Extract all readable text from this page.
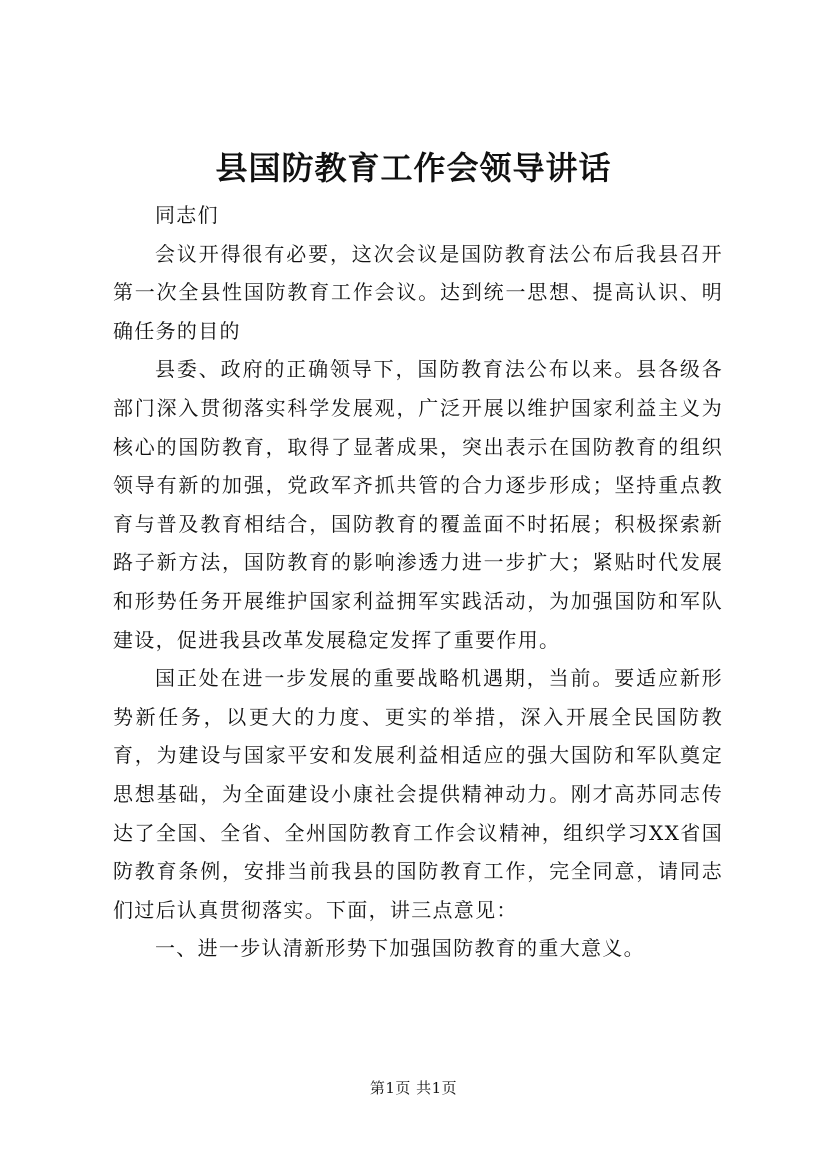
县国防教育工作会领导讲话

同志们

会议开得很有必要，这次会议是国防教育法公布后我县召开第一次全县性国防教育工作会议。达到统一思想、提高认识、明确任务的目的

县委、政府的正确领导下，国防教育法公布以来。县各级各部门深入贯彻落实科学发展观，广泛开展以维护国家利益主义为核心的国防教育，取得了显著成果，突出表示在国防教育的组织领导有新的加强，党政军齐抓共管的合力逐步形成；坚持重点教育与普及教育相结合，国防教育的覆盖面不时拓展；积极探索新路子新方法，国防教育的影响渗透力进一步扩大；紧贴时代发展和形势任务开展维护国家利益拥军实践活动，为加强国防和军队建设，促进我县改革发展稳定发挥了重要作用。

国正处在进一步发展的重要战略机遇期，当前。要适应新形势新任务，以更大的力度、更实的举措，深入开展全民国防教育，为建设与国家平安和发展利益相适应的强大国防和军队奠定思想基础，为全面建设小康社会提供精神动力。刚才高苏同志传达了全国、全省、全州国防教育工作会议精神，组织学习XX省国防教育条例，安排当前我县的国防教育工作，完全同意，请同志们过后认真贯彻落实。下面，讲三点意见：

一、进一步认清新形势下加强国防教育的重大意义。

第1页 共1页
